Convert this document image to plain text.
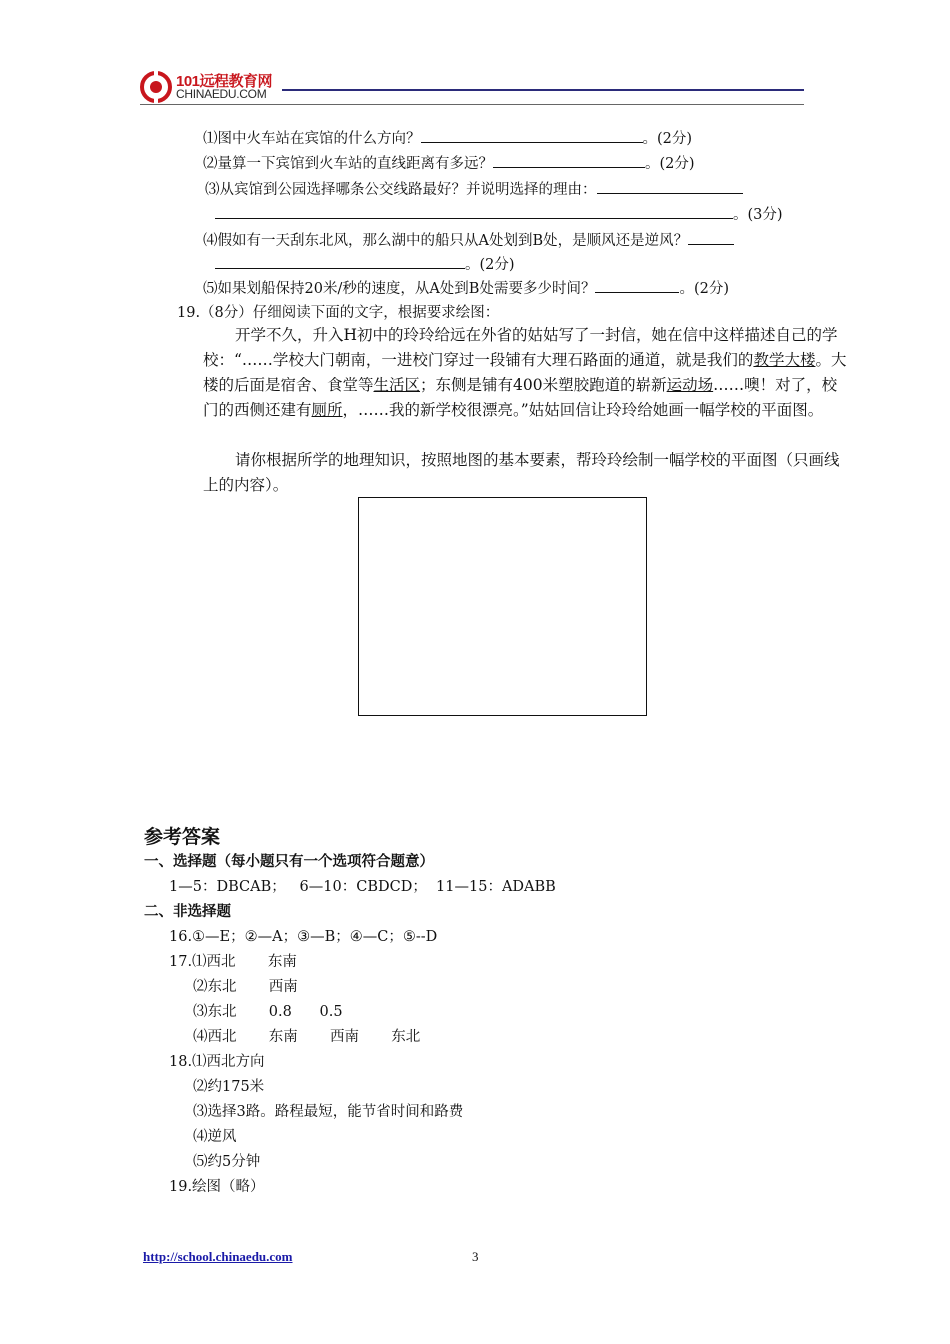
101远程教育网
CHINAEDU.COM
⑴图中火车站在宾馆的什么方向？	。(2分)
⑵量算一下宾馆到火车站的直线距离有多远？	。(2分)
⑶从宾馆到公园选择哪条公交线路最好？并说明选择的理由：
。(3分)
⑷假如有一天刮东北风，那么湖中的船只从A处划到B处，是顺风还是逆风？
。(2分)
⑸如果划船保持20米/秒的速度，从A处到B处需要多少时间？	。(2分)
19.（8分）仔细阅读下面的文字，根据要求绘图：
开学不久，升入H初中的玲玲给远在外省的姑姑写了一封信，她在信中这样描述自己的学校：“……学校大门朝南，一进校门穿过一段铺有大理石路面的通道，就是我们的教学大楼。大楼的后面是宿舍、食堂等生活区；东侧是铺有400米塑胶跑道的崭新运动场……噢！对了，校门的西侧还建有厕所，……我的新学校很漂亮。”姑姑回信让玲玲给她画一幅学校的平面图。
请你根据所学的地理知识，按照地图的基本要素，帮玲玲绘制一幅学校的平面图（只画线上的内容）。
参考答案
一、选择题（每小题只有一个选项符合题意）
1—5：DBCAB；   6—10：CBDCD；  11—15：ADABB
二、非选择题
16.①—E；②—A；③—B；④—C；⑤--D
17.⑴西北       东南
⑵东北       西南
⑶东北       0.8      0.5
⑷西北       东南       西南       东北
18.⑴西北方向
⑵约175米
⑶选择3路。路程最短，能节省时间和路费
⑷逆风
⑸约5分钟
19.绘图（略）
http://school.chinaedu.com	3
